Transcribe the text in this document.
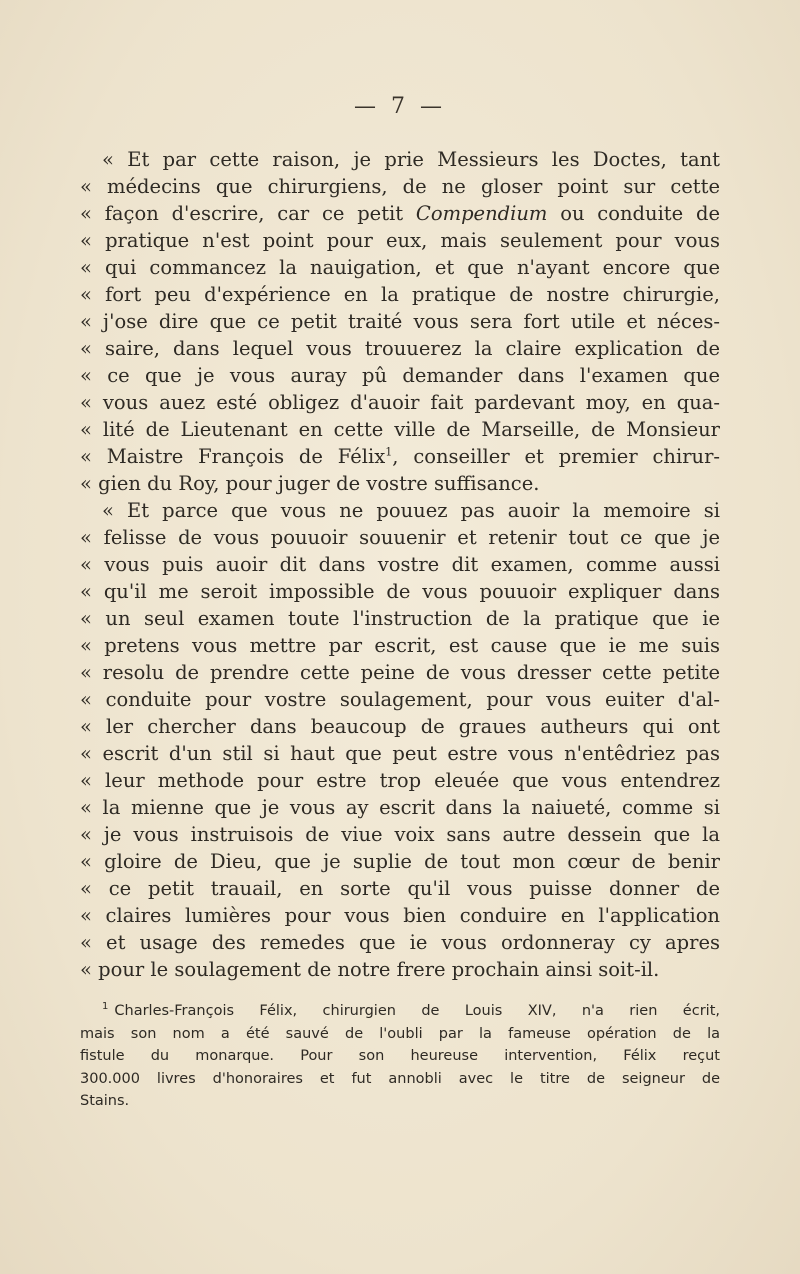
— 7 —
« Et par cette raison, je prie Messieurs les Doctes, tant
« médecins que chirurgiens, de ne gloser point sur cette
« façon d'escrire, car ce petit Compendium ou conduite de
« pratique n'est point pour eux, mais seulement pour vous
« qui commancez la nauigation, et que n'ayant encore que
« fort peu d'expérience en la pratique de nostre chirurgie,
« j'ose dire que ce petit traité vous sera fort utile et néces-
« saire, dans lequel vous trouuerez la claire explication de
« ce que je vous auray pû demander dans l'examen que
« vous auez esté obligez d'auoir fait pardevant moy, en qua-
« lité de Lieutenant en cette ville de Marseille, de Monsieur
« Maistre François de Félix$^1$, conseiller et premier chirur-
« gien du Roy, pour juger de vostre suffisance.
« Et parce que vous ne pouuez pas auoir la memoire si
« felisse de vous pouuoir souuenir et retenir tout ce que je
« vous puis auoir dit dans vostre dit examen, comme aussi
« qu'il me seroit impossible de vous pouuoir expliquer dans
« un seul examen toute l'instruction de la pratique que ie
« pretens vous mettre par escrit, est cause que ie me suis
« resolu de prendre cette peine de vous dresser cette petite
« conduite pour vostre soulagement, pour vous euiter d'al-
« ler chercher dans beaucoup de graues autheurs qui ont
« escrit d'un stil si haut que peut estre vous n'entêdriez pas
« leur methode pour estre trop eleuée que vous entendrez
« la mienne que je vous ay escrit dans la naiueté, comme si
« je vous instruisois de viue voix sans autre dessein que la
« gloire de Dieu, que je suplie de tout mon cœur de benir
« ce petit trauail, en sorte qu'il vous puisse donner de
« claires lumières pour vous bien conduire en l'application
« et usage des remedes que ie vous ordonneray cy apres
« pour le soulagement de notre frere prochain ainsi soit-il.
$^1$ Charles-François Félix, chirurgien de Louis XIV, n'a rien écrit,
mais son nom a été sauvé de l'oubli par la fameuse opération de la
fistule du monarque. Pour son heureuse intervention, Félix reçut
300.000 livres d'honoraires et fut annobli avec le titre de seigneur de
Stains.
